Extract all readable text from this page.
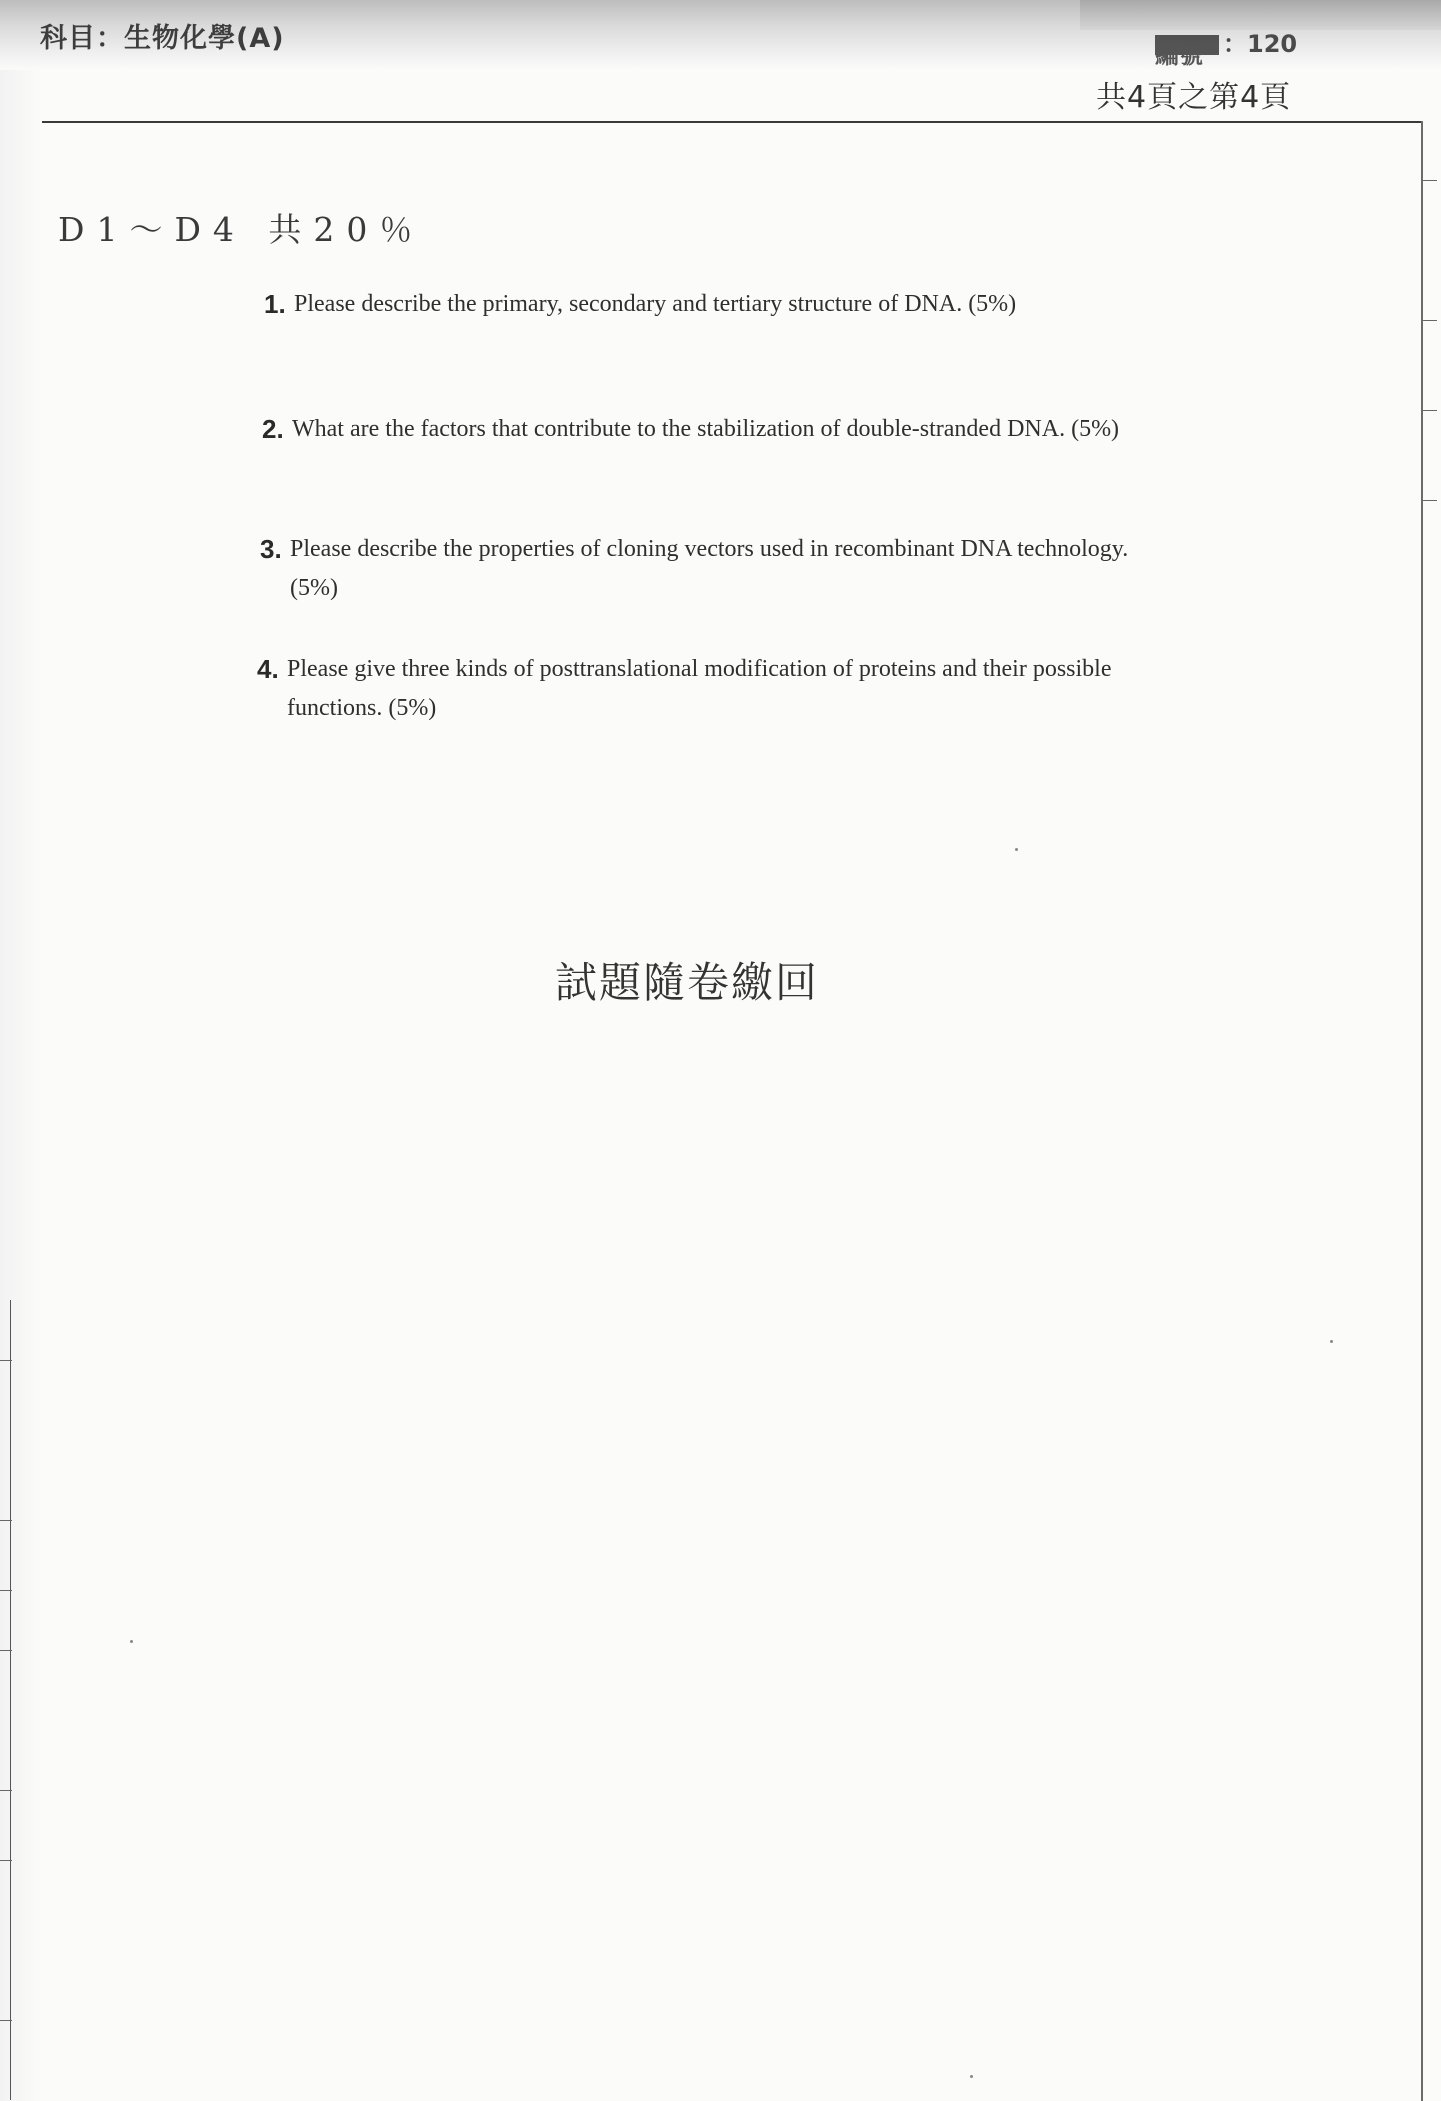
科目：生物化學(A)
編號 ：120
共4頁之第4頁
D1～D4 共20％
1. Please describe the primary, secondary and tertiary structure of DNA. (5%)
2. What are the factors that contribute to the stabilization of double-stranded DNA. (5%)
3. Please describe the properties of cloning vectors used in recombinant DNA technology. (5%)
4. Please give three kinds of posttranslational modification of proteins and their possible functions. (5%)
試題隨卷繳回
